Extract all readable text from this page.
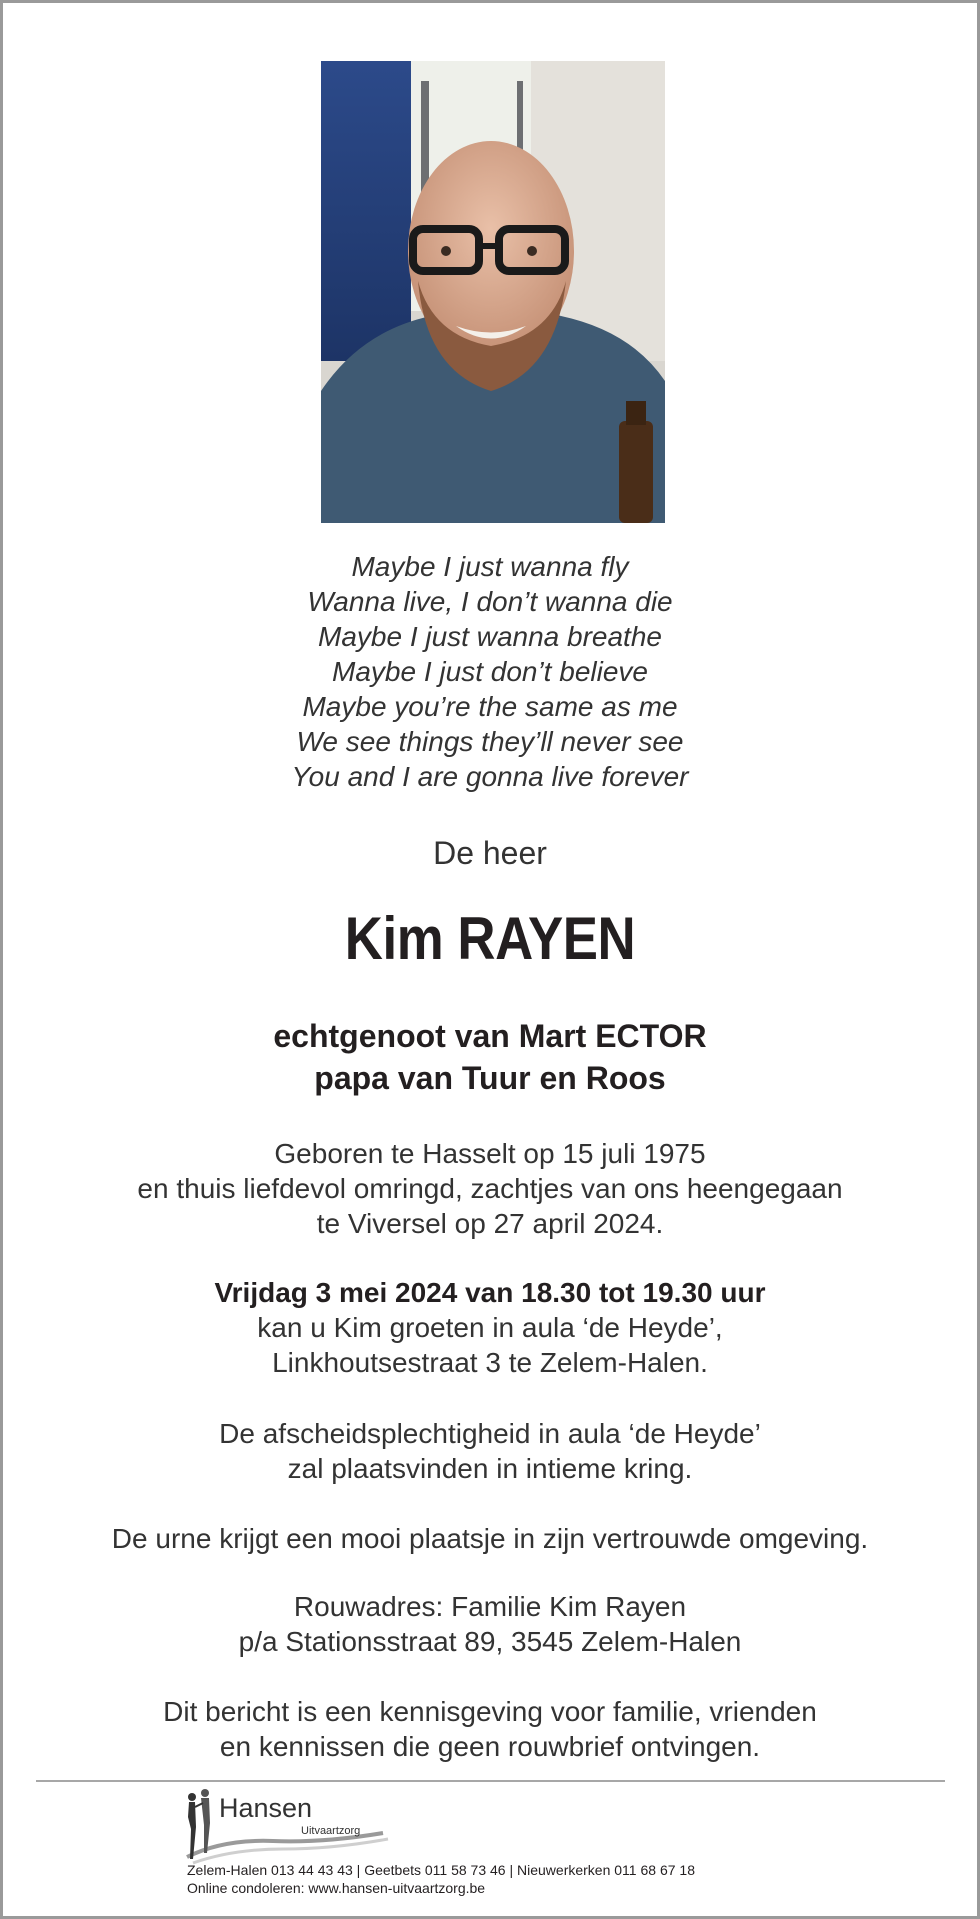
Maybe I just wanna fly
Wanna live, I don’t wanna die
Maybe I just wanna breathe
Maybe I just don’t believe
Maybe you’re the same as me
We see things they’ll never see
You and I are gonna live forever
De heer
Kim RAYEN
echtgenoot van Mart ECTOR
papa van Tuur en Roos
Geboren te Hasselt op 15 juli 1975
en thuis liefdevol omringd, zachtjes van ons heengegaan
te Viversel op 27 april 2024.
Vrijdag 3 mei 2024 van 18.30 tot 19.30 uur
kan u Kim groeten in aula ‘de Heyde’,
Linkhoutsestraat 3 te Zelem-Halen.
De afscheidsplechtigheid in aula ‘de Heyde’
zal plaatsvinden in intieme kring.
De urne krijgt een mooi plaatsje in zijn vertrouwde omgeving.
Rouwadres: Familie Kim Rayen
p/a Stationsstraat 89, 3545 Zelem-Halen
Dit bericht is een kennisgeving voor familie, vrienden
en kennissen die geen rouwbrief ontvingen.
Hansen
Uitvaartzorg
Zelem-Halen 013 44 43 43 | Geetbets 011 58 73 46 | Nieuwerkerken 011 68 67 18
Online condoleren: www.hansen-uitvaartzorg.be
